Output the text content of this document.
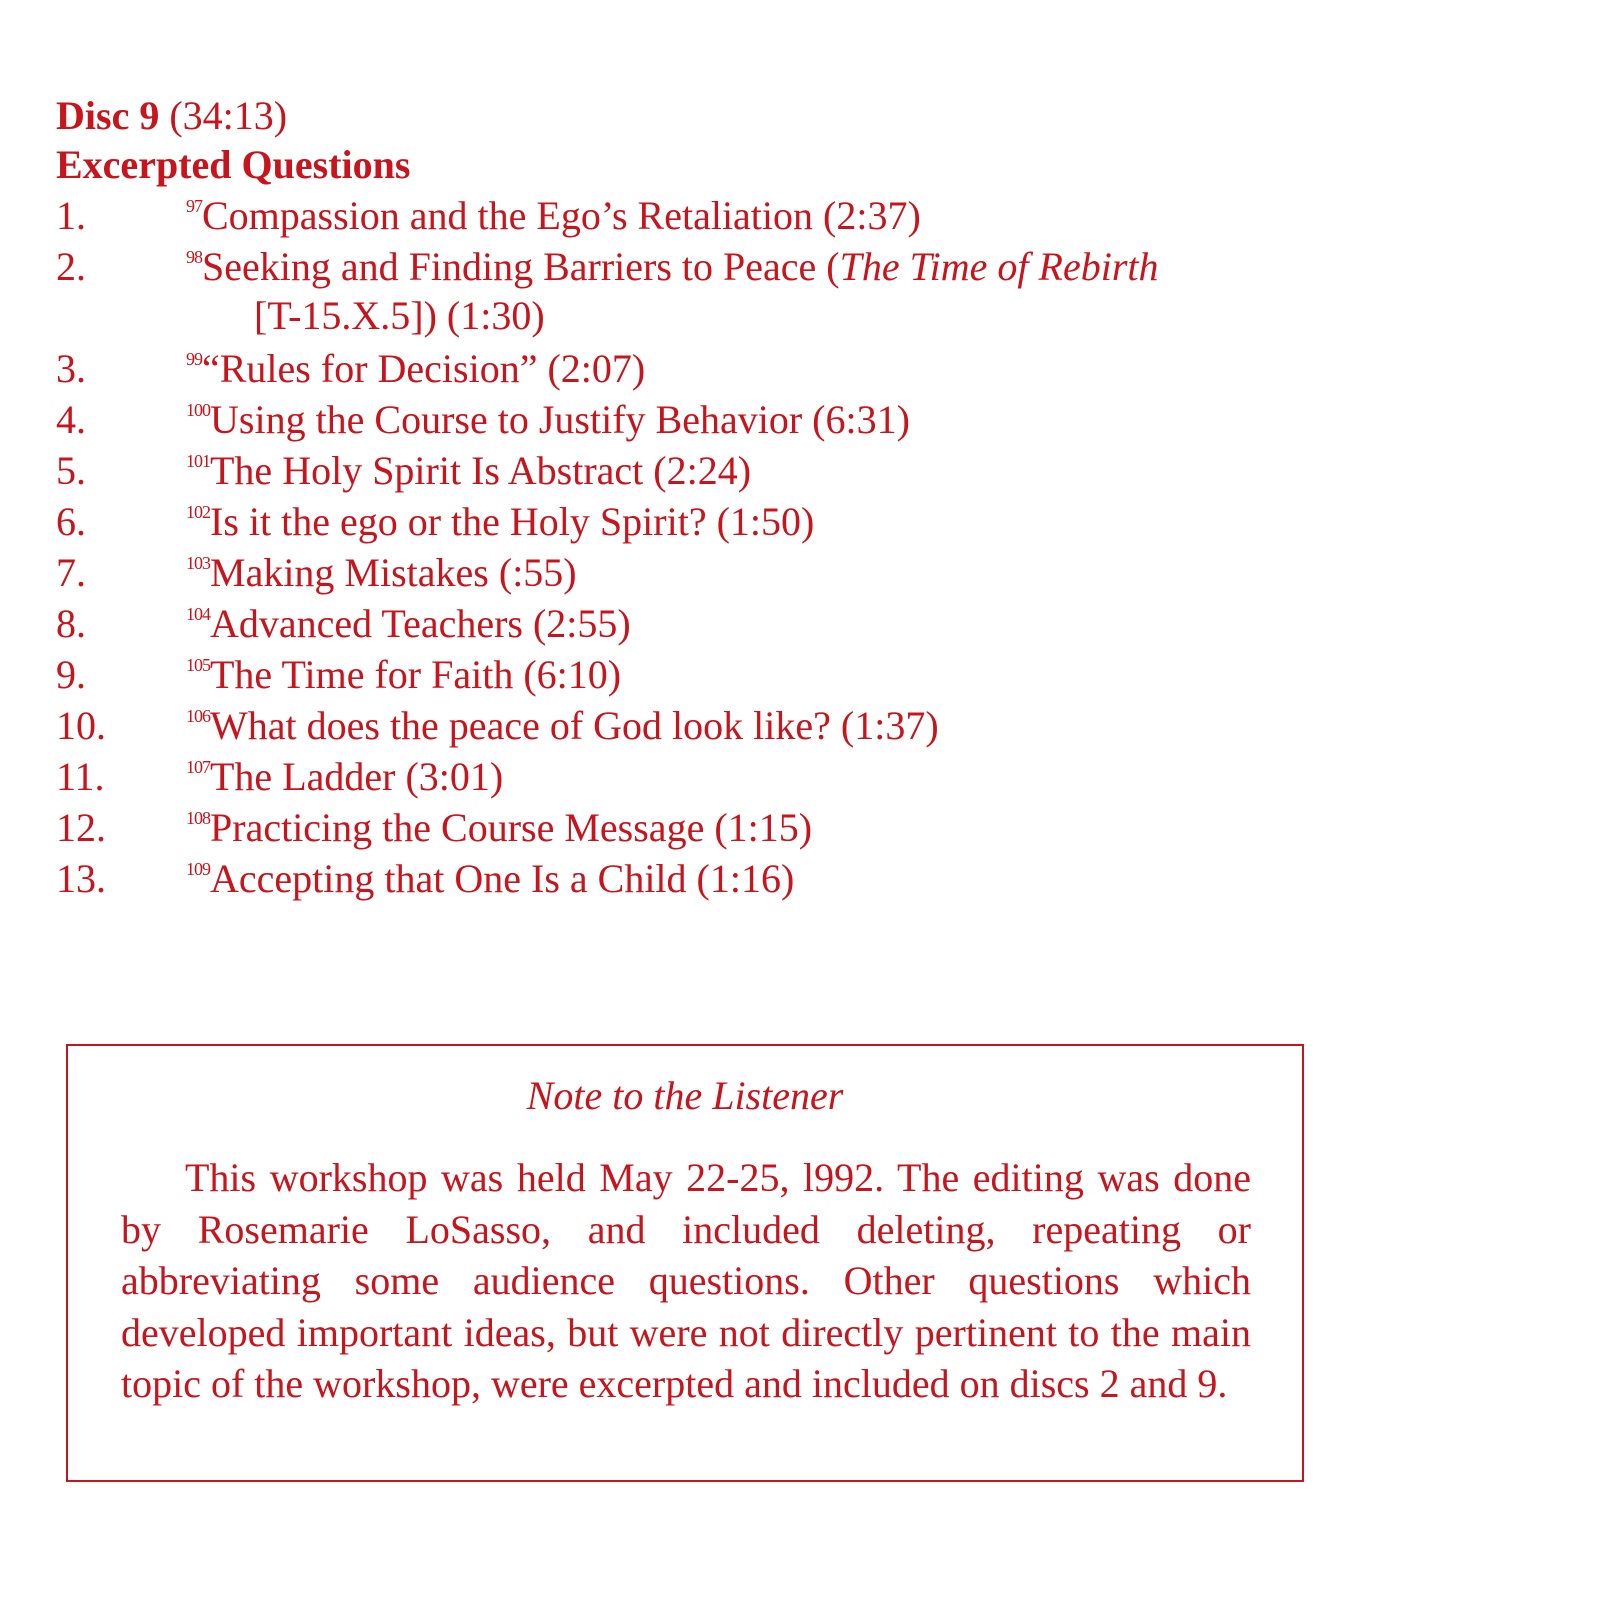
Disc 9 (34:13)
Excerpted Questions
1.	$^{97}$Compassion and the Ego’s Retaliation (2:37)
2.	$^{98}$Seeking and Finding Barriers to Peace (The Time of Rebirth
[T-15.X.5]) (1:30)
3.	$^{99}$“Rules for Decision” (2:07)
4.	$^{100}$Using the Course to Justify Behavior (6:31)
5.	$^{101}$The Holy Spirit Is Abstract (2:24)
6.	$^{102}$Is it the ego or the Holy Spirit? (1:50)
7.	$^{103}$Making Mistakes (:55)
8.	$^{104}$Advanced Teachers (2:55)
9.	$^{105}$The Time for Faith (6:10)
10.	$^{106}$What does the peace of God look like? (1:37)
11.	$^{107}$The Ladder (3:01)
12.	$^{108}$Practicing the Course Message (1:15)
13.	$^{109}$Accepting that One Is a Child (1:16)
Note to the Listener

This workshop was held May 22-25, l992. The editing was done by Rosemarie LoSasso, and included deleting, repeating or abbreviating some audience questions. Other questions which developed important ideas, but were not directly pertinent to the main topic of the workshop, were excerpted and included on discs 2 and 9.
